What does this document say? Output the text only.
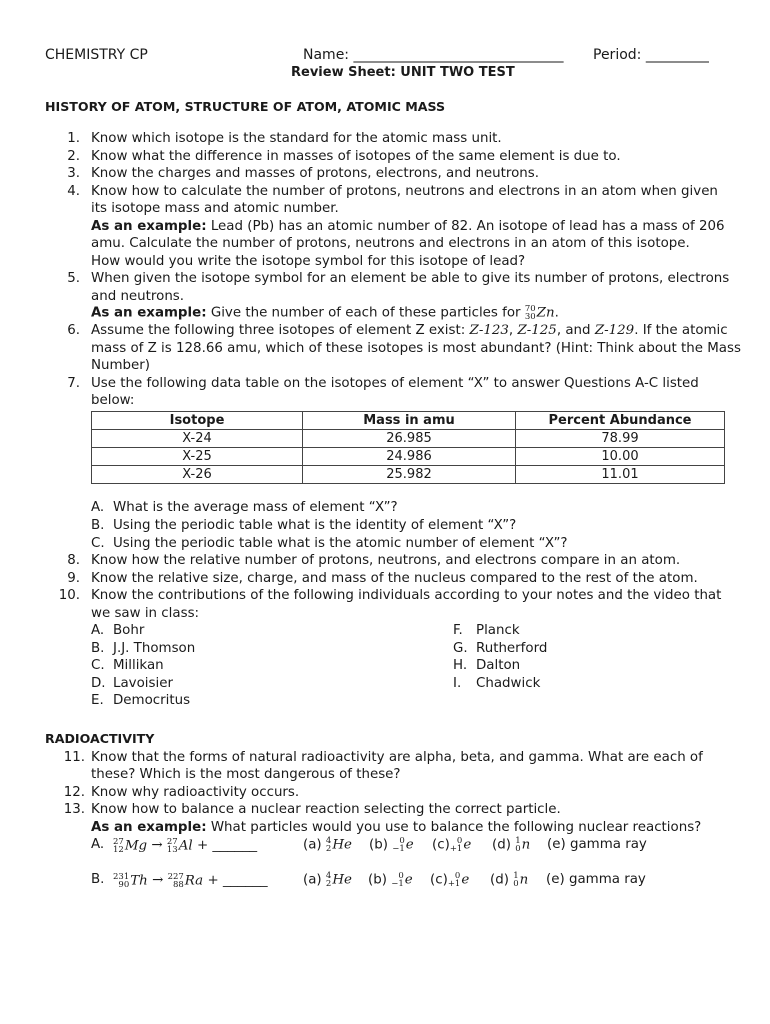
CHEMISTRY CP	Name: ______________________________ Period: _________
Review Sheet: UNIT TWO TEST
HISTORY OF ATOM, STRUCTURE OF ATOM, ATOMIC MASS
1. Know which isotope is the standard for the atomic mass unit.
2. Know what the difference in masses of isotopes of the same element is due to.
3. Know the charges and masses of protons, electrons, and neutrons.
4. Know how to calculate the number of protons, neutrons and electrons in an atom when given
its isotope mass and atomic number.
As an example: Lead (Pb) has an atomic number of 82. An isotope of lead has a mass of 206
amu. Calculate the number of protons, neutrons and electrons in an atom of this isotope.
How would you write the isotope symbol for this isotope of lead?
5. When given the isotope symbol for an element be able to give its number of protons, electrons
and neutrons.
As an example: Give the number of each of these particles for 70
30 Zn.
6. Assume the following three isotopes of element Z exist: Z-123, Z-125, and Z-129. If the atomic
mass of Z is 128.66 amu, which of these isotopes is most abundant? (Hint: Think about the Mass
Number)
7. Use the following data table on the isotopes of element “X” to answer Questions A-C listed
below:
Isotope	Mass in amu	Percent Abundance
X-24	26.985	78.99
X-25	24.986	10.00
X-26	25.982	11.01
A. What is the average mass of element “X”?
B. Using the periodic table what is the identity of element “X”?
C. Using the periodic table what is the atomic number of element “X”?
8. Know how the relative number of protons, neutrons, and electrons compare in an atom.
9. Know the relative size, charge, and mass of the nucleus compared to the rest of the atom.
10. Know the contributions of the following individuals according to your notes and the video that
we saw in class:
A. Bohr	F. Planck
B. J.J. Thomson	G. Rutherford
C. Millikan	H. Dalton
D. Lavoisier	I. Chadwick
E. Democritus
RADIOACTIVITY
11. Know that the forms of natural radioactivity are alpha, beta, and gamma. What are each of
these? Which is the most dangerous of these?
12. Know why radioactivity occurs.
13. Know how to balance a nuclear reaction selecting the correct particle.
As an example: What particles would you use to balance the following nuclear reactions?
A. 27
12 Mg → 27
13 Al + ______	(a) 4
2 He (b)	0
−1 e (c) 0
+1 e (d) 1
0 n (e) gamma ray
B. 231
90 Th → 227
88 Ra + ______	(a) 4
2 He (b)	0
−1 e (c) 0
+1 e (d) 1
0 n (e) gamma ray
